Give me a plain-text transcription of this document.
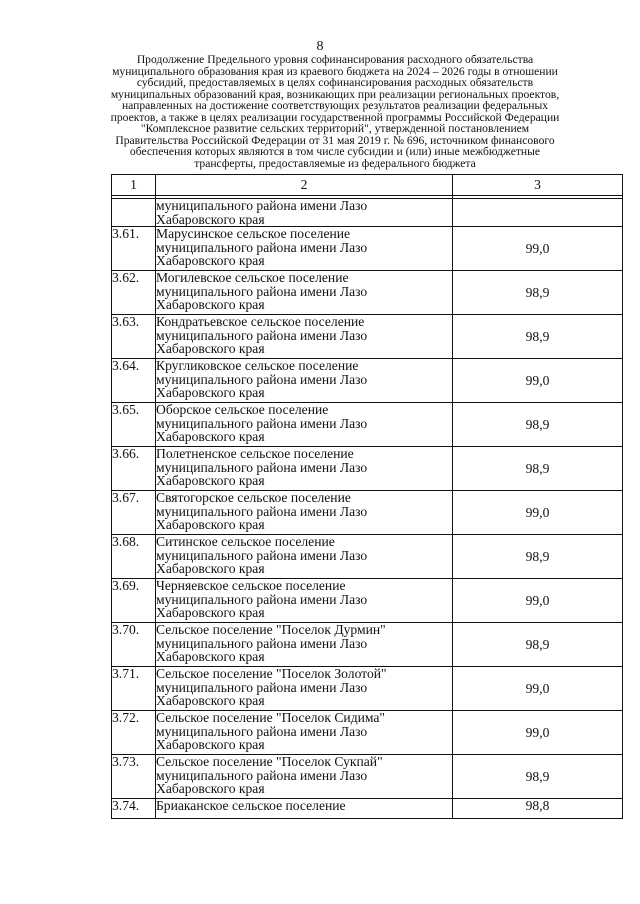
8
Продолжение Предельного уровня софинансирования расходного обязательства
муниципального образования края из краевого бюджета на 2024 – 2026 годы в отношении
субсидий, предоставляемых в целях софинансирования расходных обязательств
муниципальных образований края, возникающих при реализации региональных проектов,
направленных на достижение соответствующих результатов реализации федеральных
проектов, а также в целях реализации государственной программы Российской Федерации
"Комплексное развитие сельских территорий", утвержденной постановлением
Правительства Российской Федерации от 31 мая 2019 г. № 696, источником финансового
обеспечения которых являются в том числе субсидии и (или) иные межбюджетные
трансферты, предоставляемые из федерального бюджета
1	2	3

	муниципального района имени Лазо
Хабаровского края	

3.61.	Марусинское сельское поселение
муниципального района имени Лазо
Хабаровского края	99,0
3.62.	Могилевское сельское поселение
муниципального района имени Лазо
Хабаровского края	98,9
3.63.	Кондратьевское сельское поселение
муниципального района имени Лазо
Хабаровского края	98,9
3.64.	Кругликовское сельское поселение
муниципального района имени Лазо
Хабаровского края	99,0
3.65.	Оборское сельское поселение
муниципального района имени Лазо
Хабаровского края	98,9
3.66.	Полетненское сельское поселение
муниципального района имени Лазо
Хабаровского края	98,9
3.67.	Святогорское сельское поселение
муниципального района имени Лазо
Хабаровского края	99,0
3.68.	Ситинское сельское поселение
муниципального района имени Лазо
Хабаровского края	98,9
3.69.	Черняевское сельское поселение
муниципального района имени Лазо
Хабаровского края	99,0
3.70.	Сельское поселение "Поселок Дурмин"
муниципального района имени Лазо
Хабаровского края	98,9
3.71.	Сельское поселение "Поселок Золотой"
муниципального района имени Лазо
Хабаровского края	99,0
3.72.	Сельское поселение "Поселок Сидима"
муниципального района имени Лазо
Хабаровского края	99,0
3.73.	Сельское поселение "Поселок Сукпай"
муниципального района имени Лазо
Хабаровского края	98,9
3.74.	Бриаканское сельское поселение	98,8
